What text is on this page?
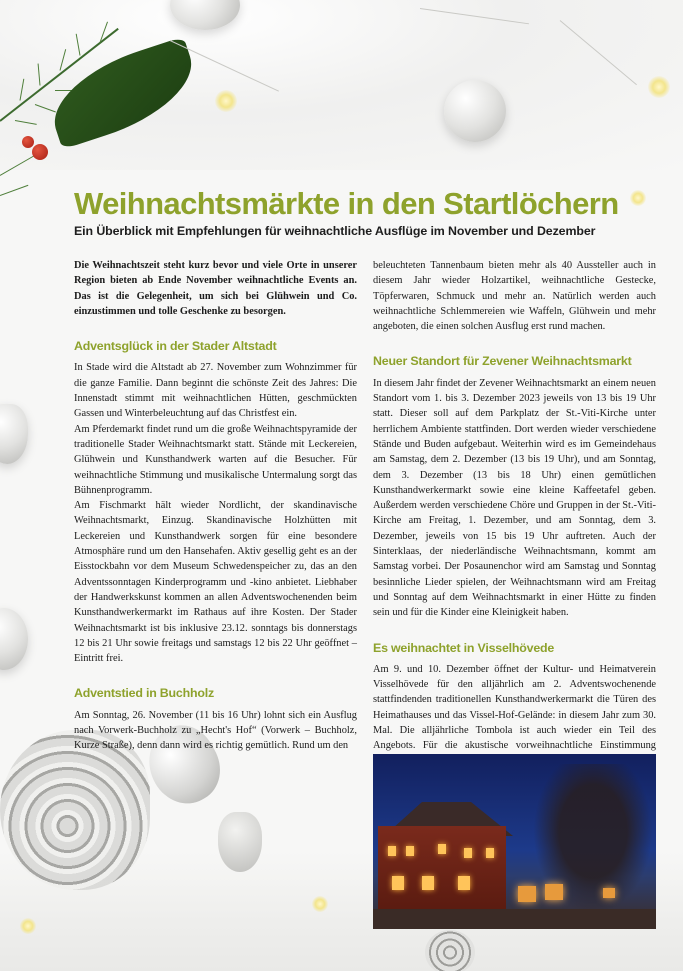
Weihnachtsmärkte in den Startlöchern

Ein Überblick mit Empfehlungen für weihnachtliche Ausflüge im November und Dezember

Die Weihnachtszeit steht kurz bevor und viele Orte in unserer Region bieten ab Ende November weihnachtliche Events an. Das ist die Gelegenheit, um sich bei Glühwein und Co. einzustimmen und tolle Geschenke zu besorgen.

Adventsglück in der Stader Altstadt

In Stade wird die Altstadt ab 27. November zum Wohnzimmer für die ganze Familie. Dann beginnt die schönste Zeit des Jahres: Die Innenstadt stimmt mit weihnachtlichen Hütten, geschmückten Gassen und Winterbeleuchtung auf das Christfest ein.

Am Pferdemarkt findet rund um die große Weihnachtspyramide der traditionelle Stader Weihnachtsmarkt statt. Stände mit Leckereien, Glühwein und Kunsthandwerk warten auf die Besucher. Für weihnachtliche Stimmung und musikalische Untermalung sorgt das Bühnenprogramm.

Am Fischmarkt hält wieder Nordlicht, der skandinavische Weihnachtsmarkt, Einzug. Skandinavische Holzhütten mit Leckereien und Kunsthandwerk sorgen für eine besondere Atmosphäre rund um den Hansehafen. Aktiv gesellig geht es an der Eisstockbahn vor dem Museum Schwedenspeicher zu, das an den Adventssonntagen Kinderprogramm und -kino anbietet. Liebhaber der Handwerkskunst kommen an allen Adventswochenenden beim Kunsthandwerkermarkt im Rathaus auf ihre Kosten. Der Stader Weihnachtsmarkt ist bis inklusive 23.12. sonntags bis donnerstags 12 bis 21 Uhr sowie freitags und samstags 12 bis 22 Uhr geöffnet – Eintritt frei.

Adventstied in Buchholz

Am Sonntag, 26. November (11 bis 16 Uhr) lohnt sich ein Ausflug nach Vorwerk-Buchholz zu „Hecht's Hof“ (Vorwerk – Buchholz, Kurze Straße), denn dann wird es richtig gemütlich. Rund um den

beleuchteten Tannenbaum bieten mehr als 40 Aussteller auch in diesem Jahr wieder Holzartikel, weihnachtliche Gestecke, Töpferwaren, Schmuck und mehr an. Natürlich werden auch weihnachtliche Schlemmereien wie Waffeln, Glühwein und mehr angeboten, die einen solchen Ausflug erst rund machen.

Neuer Standort für Zevener Weihnachtsmarkt

In diesem Jahr findet der Zevener Weihnachtsmarkt an einem neuen Standort vom 1. bis 3. Dezember 2023 jeweils von 13 bis 19 Uhr statt. Dieser soll auf dem Parkplatz der St.-Viti-Kirche unter herrlichem Ambiente stattfinden. Dort werden wieder verschiedene Stände und Buden aufgebaut. Weiterhin wird es im Gemeindehaus am Samstag, dem 2. Dezember (13 bis 19 Uhr), und am Sonntag, dem 3. Dezember (13 bis 18 Uhr) einen gemütlichen Kunsthandwerkermarkt sowie eine kleine Kaffeetafel geben. Außerdem werden verschiedene Chöre und Gruppen in der St.-Viti-Kirche am Freitag, 1. Dezember, und am Sonntag, dem 3. Dezember, jeweils von 15 bis 19 Uhr auftreten. Auch der Sinterklaas, der niederländische Weihnachtsmann, kommt am Samstag vorbei. Der Posaunenchor wird am Samstag und Sonntag besinnliche Lieder spielen, der Weihnachtsmann wird am Freitag und Sonntag auf dem Weihnachtsmarkt in einer Hütte zu finden sein und für die Kinder eine Kleinigkeit haben.

Es weihnachtet in Visselhövede

Am 9. und 10. Dezember öffnet der Kultur- und Heimatverein Visselhövede für den alljährlich am 2. Adventswochenende stattfindenden traditionellen Kunsthandwerkermarkt die Türen des Heimathauses und das Vissel-Hof-Gelände: in diesem Jahr zum 30. Mal. Die alljährliche Tombola ist auch wieder ein Teil des Angebots. Für die akustische vorweihnachtliche Einstimmung
